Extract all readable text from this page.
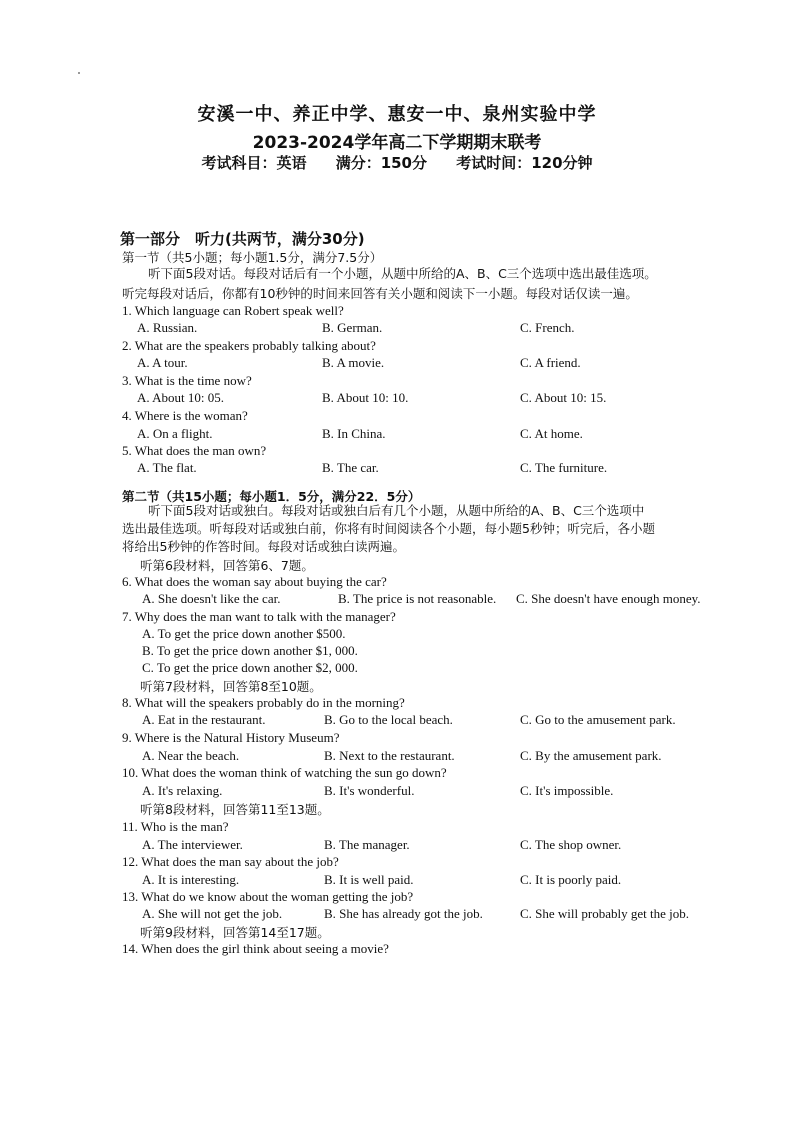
安溪一中、养正中学、惠安一中、泉州实验中学
2023-2024学年高二下学期期末联考
考试科目：英语 满分：150分 考试时间：120分钟
第一部分　听力(共两节，满分30分)
第一节（共5小题；每小题1.5分，满分7.5分）
听下面5段对话。每段对话后有一个小题，从题中所给的A、B、C三个选项中选出最佳选项。
听完每段对话后，你都有10秒钟的时间来回答有关小题和阅读下一小题。每段对话仅读一遍。
1. Which language can Robert speak well?
A. Russian.	B. German.	C. French.
2. What are the speakers probably talking about?
A. A tour.	B. A movie.	C. A friend.
3. What is the time now?
A. About 10: 05.	B. About 10: 10.	C. About 10: 15.
4. Where is the woman?
A. On a flight.	B. In China.	C. At home.
5. What does the man own?
A. The flat.	B. The car.	C. The furniture.
第二节（共15小题；每小题1．5分，满分22．5分）
听下面5段对话或独白。每段对话或独白后有几个小题，从题中所给的A、B、C三个选项中
选出最佳选项。听每段对话或独白前，你将有时间阅读各个小题，每小题5秒钟；听完后，各小题
将给出5秒钟的作答时间。每段对话或独白读两遍。
听第6段材料，回答第6、7题。
6. What does the woman say about buying the car?
A. She doesn't like the car.	B. The price is not reasonable. C. She doesn't have enough money.
7. Why does the man want to talk with the manager?
A. To get the price down another $500.
B. To get the price down another $1, 000.
C. To get the price down another $2, 000.
听第7段材料，回答第8至10题。
8. What will the speakers probably do in the morning?
A. Eat in the restaurant.	B. Go to the local beach.	C. Go to the amusement park.
9. Where is the Natural History Museum?
A. Near the beach.	B. Next to the restaurant.	C. By the amusement park.
10. What does the woman think of watching the sun go down?
A. It's relaxing.	B. It's wonderful.	C. It's impossible.
听第8段材料，回答第11至13题。
11. Who is the man?
A. The interviewer.	B. The manager.	C. The shop owner.
12. What does the man say about the job?
A. It is interesting.	B. It is well paid.	C. It is poorly paid.
13. What do we know about the woman getting the job?
A. She will not get the job.	B. She has already got the job.	C. She will probably get the job.
听第9段材料，回答第14至17题。
14. When does the girl think about seeing a movie?
